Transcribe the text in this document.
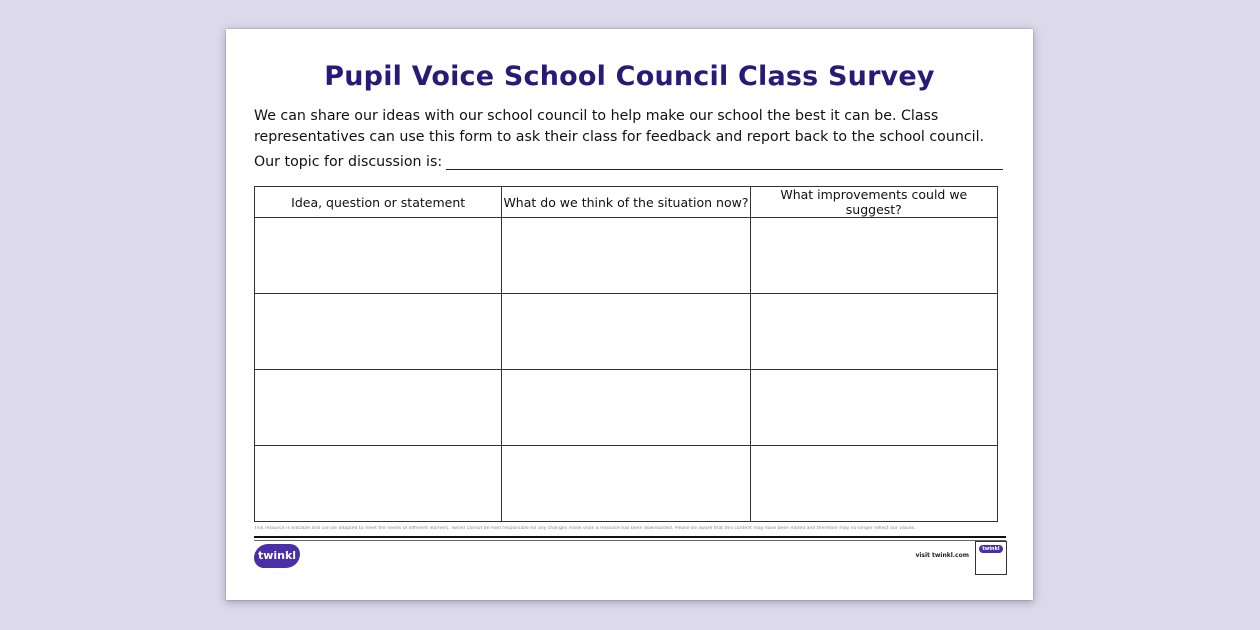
Pupil Voice School Council Class Survey
We can share our ideas with our school council to help make our school the best it can be. Class representatives can use this form to ask their class for feedback and report back to the school council.
Our topic for discussion is:
Idea, question or statement	What do we think of the situation now?	What improvements could we suggest?

This resource is editable and can be adapted to meet the needs of different learners. Twinkl cannot be held responsible for any changes made once a resource has been downloaded. Please be aware that this content may have been edited and therefore may no longer reflect our values.
twinkl	visit twinkl.com
twinkl
